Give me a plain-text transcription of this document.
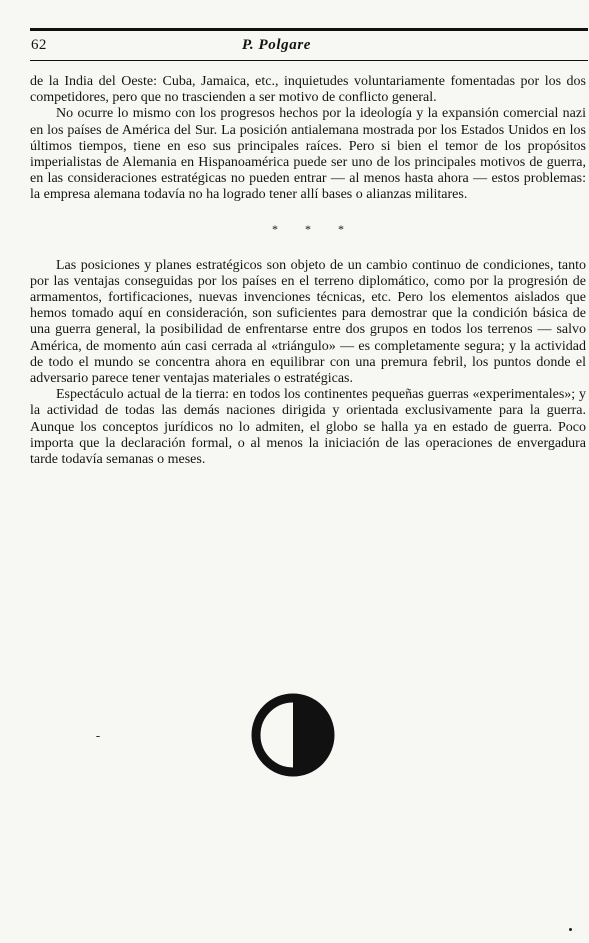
62	P. Polgare

de la India del Oeste: Cuba, Jamaica, etc., inquietudes voluntariamente fomentadas por los dos competidores, pero que no trascienden a ser motivo de conflicto general.

No ocurre lo mismo con los progresos hechos por la ideología y la expansión comercial nazi en los países de América del Sur. La posición antialemana mostrada por los Estados Unidos en los últimos tiempos, tiene en eso sus principales raíces. Pero si bien el temor de los propósitos imperialistas de Alemania en Hispanoamérica puede ser uno de los principales motivos de guerra, en las consideraciones estratégicas no pueden entrar — al menos hasta ahora — estos problemas: la empresa alemana todavía no ha logrado tener allí bases o alianzas militares.

* * *

Las posiciones y planes estratégicos son objeto de un cambio continuo de condiciones, tanto por las ventajas conseguidas por los países en el terreno diplomático, como por la progresión de armamentos, fortificaciones, nuevas invenciones técnicas, etc. Pero los elementos aislados que hemos tomado aquí en consideración, son suficientes para demostrar que la condición básica de una guerra general, la posibilidad de enfrentarse entre dos grupos en todos los terrenos — salvo América, de momento aún casi cerrada al «triángulo» — es completamente segura; y la actividad de todo el mundo se concentra ahora en equilibrar con una premura febril, los puntos donde el adversario parece tener ventajas materiales o estratégicas.

Espectáculo actual de la tierra: en todos los continentes pequeñas guerras «experimentales»; y la actividad de todas las demás naciones dirigida y orientada exclusivamente para la guerra. Aunque los conceptos jurídicos no lo admiten, el globo se halla ya en estado de guerra. Poco importa que la declaración formal, o al menos la iniciación de las operaciones de envergadura tarde todavía semanas o meses.
